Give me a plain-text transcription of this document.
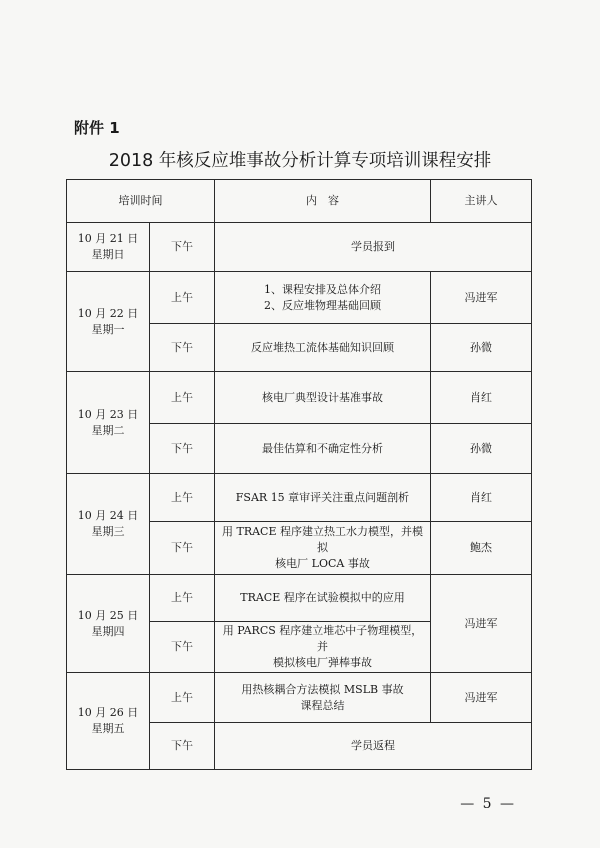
附件 1
2018 年核反应堆事故分析计算专项培训课程安排
培训时间		内　容	主讲人

10 月 21 日
星期日	下午	学员报到	

10 月 22 日
星期一	上午	1、课程安排及总体介绍
2、反应堆物理基础回顾	冯进军
	下午	反应堆热工流体基础知识回顾	孙微

10 月 23 日
星期二	上午	核电厂典型设计基准事故	肖红
	下午	最佳估算和不确定性分析	孙微

10 月 24 日
星期三	上午	FSAR 15 章审评关注重点问题剖析	肖红
	下午	用 TRACE 程序建立热工水力模型，并模拟
核电厂 LOCA 事故	鲍杰

10 月 25 日
星期四	上午	TRACE 程序在试验模拟中的应用	冯进军
	下午	用 PARCS 程序建立堆芯中子物理模型，并
模拟核电厂弹棒事故	

10 月 26 日
星期五	上午	用热核耦合方法模拟 MSLB 事故
课程总结	冯进军
	下午	学员返程	
— 5 —
